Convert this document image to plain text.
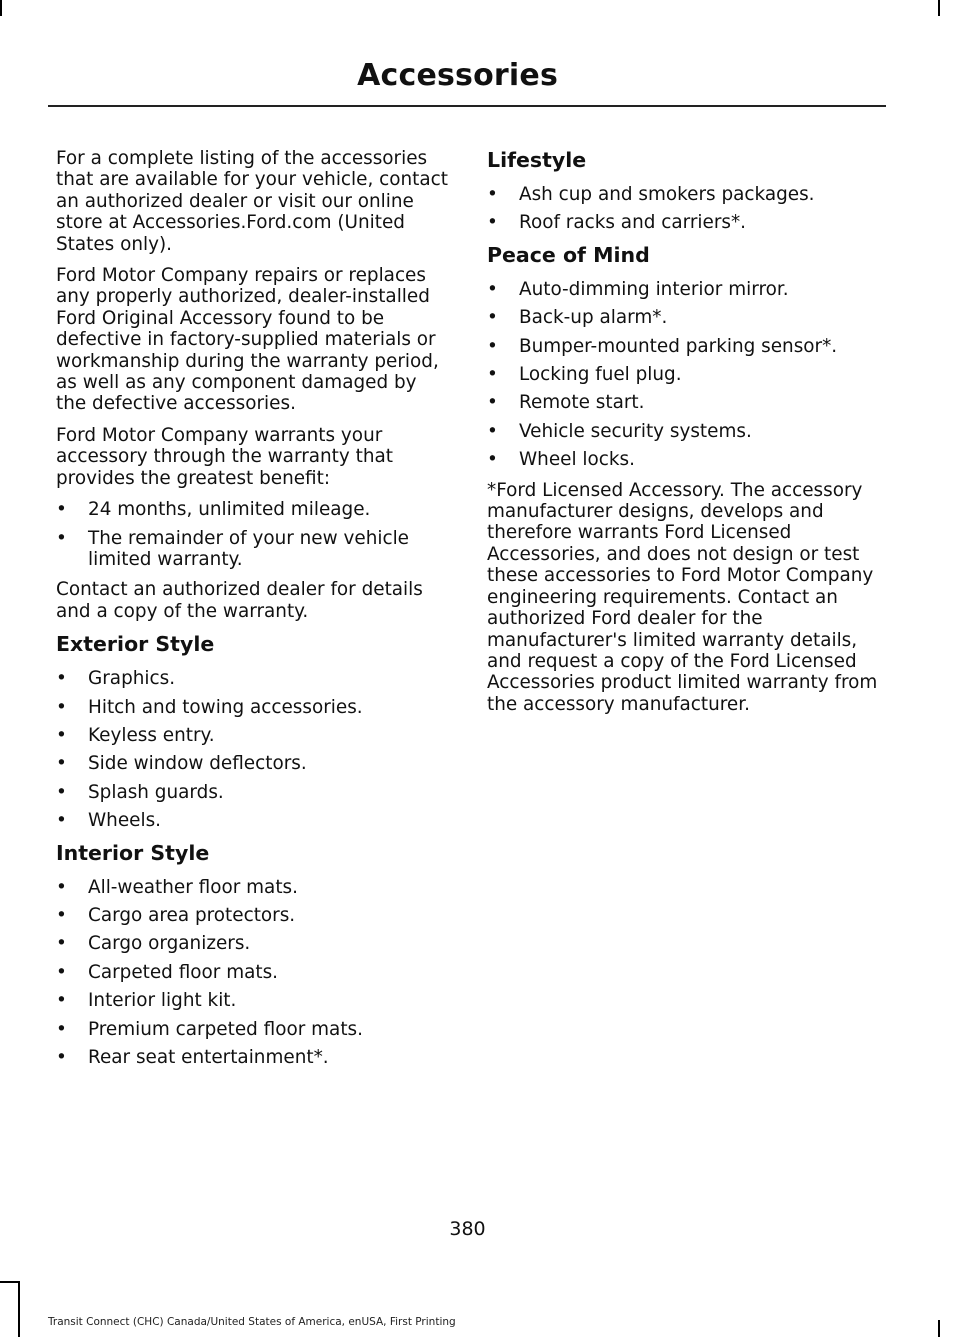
Accessories

For a complete listing of the accessories that are available for your vehicle, contact an authorized dealer or visit our online store at Accessories.Ford.com (United States only).

Ford Motor Company repairs or replaces any properly authorized, dealer-installed Ford Original Accessory found to be defective in factory-supplied materials or workmanship during the warranty period, as well as any component damaged by the defective accessories.

Ford Motor Company warrants your accessory through the warranty that provides the greatest benefit:

• 24 months, unlimited mileage.
• The remainder of your new vehicle limited warranty.

Contact an authorized dealer for details and a copy of the warranty.

Exterior Style
• Graphics.
• Hitch and towing accessories.
• Keyless entry.
• Side window deflectors.
• Splash guards.
• Wheels.
Interior Style
• All-weather floor mats.
• Cargo area protectors.
• Cargo organizers.
• Carpeted floor mats.
• Interior light kit.
• Premium carpeted floor mats.
• Rear seat entertainment*.
Lifestyle
• Ash cup and smokers packages.
• Roof racks and carriers*.
Peace of Mind
• Auto-dimming interior mirror.
• Back-up alarm*.
• Bumper-mounted parking sensor*.
• Locking fuel plug.
• Remote start.
• Vehicle security systems.
• Wheel locks.

*Ford Licensed Accessory. The accessory manufacturer designs, develops and therefore warrants Ford Licensed Accessories, and does not design or test these accessories to Ford Motor Company engineering requirements. Contact an authorized Ford dealer for the manufacturer's limited warranty details, and request a copy of the Ford Licensed Accessories product limited warranty from the accessory manufacturer.

380
Transit Connect (CHC) Canada/United States of America, enUSA, First Printing
